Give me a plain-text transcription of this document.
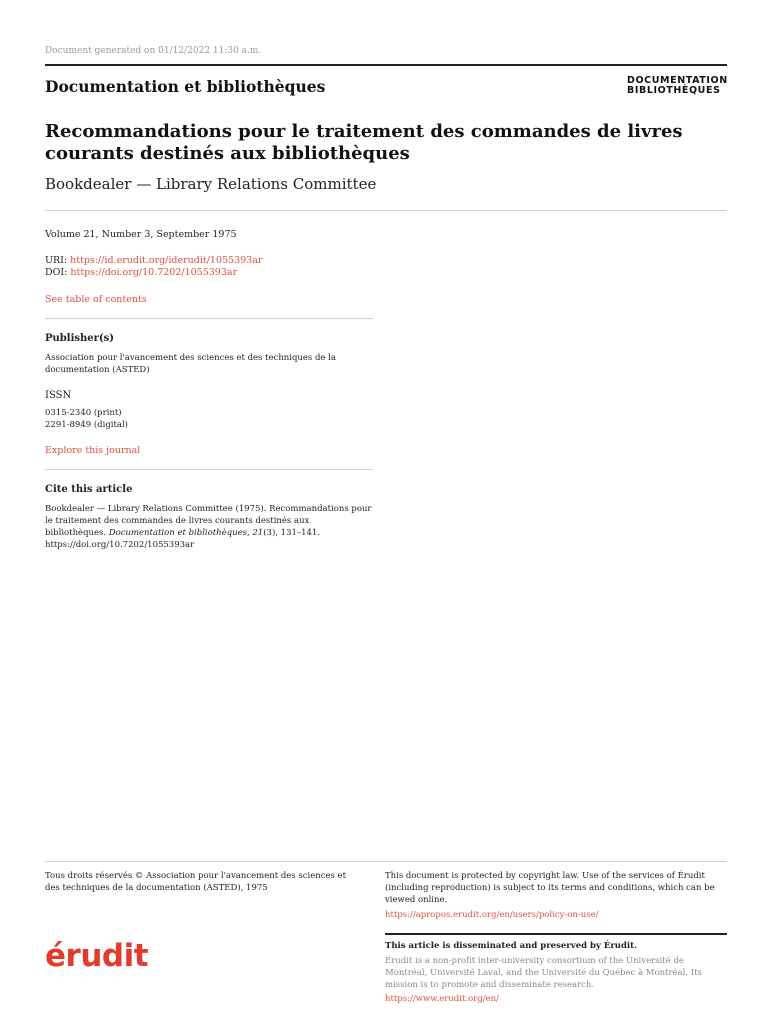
Document generated on 01/12/2022 11:30 a.m.
Documentation et bibliothèques	DOCUMENTATION
BIBLIOTHÈQUES
Recommandations pour le traitement des commandes de livres courants destinés aux bibliothèques
Bookdealer — Library Relations Committee
Volume 21, Number 3, September 1975
URI: https://id.erudit.org/iderudit/1055393ar
DOI: https://doi.org/10.7202/1055393ar
See table of contents
Publisher(s)
Association pour l'avancement des sciences et des techniques de la documentation (ASTED)
ISSN
0315-2340 (print)
2291-8949 (digital)
Explore this journal
Cite this article
Bookdealer — Library Relations Committee (1975). Recommandations pour le traitement des commandes de livres courants destinés aux bibliothèques. Documentation et bibliothèques, 21(3), 131–141.
https://doi.org/10.7202/1055393ar
Tous droits réservés © Association pour l'avancement des sciences et des techniques de la documentation (ASTED), 1975
This document is protected by copyright law. Use of the services of Érudit (including reproduction) is subject to its terms and conditions, which can be viewed online.
https://apropos.erudit.org/en/users/policy-on-use/
érudit	This article is disseminated and preserved by Érudit.
Érudit is a non-profit inter-university consortium of the Université de Montréal, Université Laval, and the Université du Québec à Montréal. Its mission is to promote and disseminate research.
https://www.erudit.org/en/
